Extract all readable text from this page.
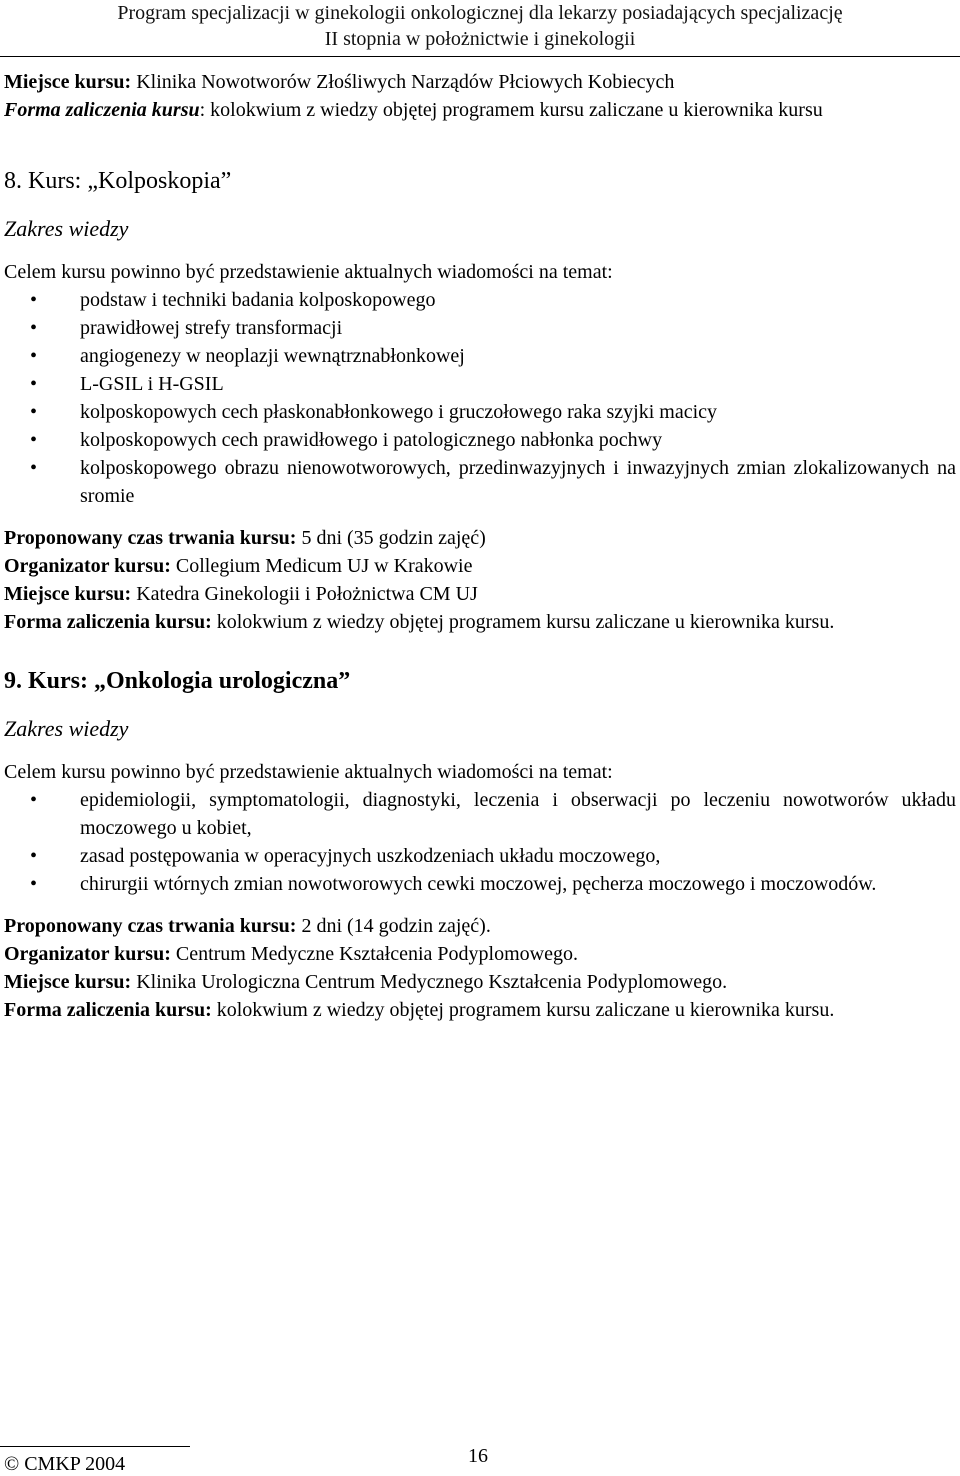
Program specjalizacji w ginekologii onkologicznej dla lekarzy posiadających specjalizację
II stopnia w położnictwie i ginekologii

Miejsce kursu: Klinika Nowotworów Złośliwych Narządów Płciowych Kobiecych

Forma zaliczenia kursu: kolokwium z wiedzy objętej programem kursu zaliczane u kierownika kursu

8. Kurs: „Kolposkopia”

Zakres wiedzy

Celem kursu powinno być przedstawienie aktualnych wiadomości na temat:

• podstaw i techniki badania kolposkopowego
• prawidłowej strefy transformacji
• angiogenezy w neoplazji wewnątrznabłonkowej
• L-GSIL i H-GSIL
• kolposkopowych cech płaskonabłonkowego i gruczołowego raka szyjki macicy
• kolposkopowych cech prawidłowego i patologicznego nabłonka pochwy
• kolposkopowego obrazu nienowotworowych, przedinwazyjnych i inwazyjnych zmian zlokalizowanych na sromie

Proponowany czas trwania kursu: 5 dni (35 godzin zajęć)

Organizator kursu: Collegium Medicum UJ w Krakowie

Miejsce kursu: Katedra Ginekologii i Położnictwa CM UJ

Forma zaliczenia kursu: kolokwium z wiedzy objętej programem kursu zaliczane u kierownika kursu.

9. Kurs: „Onkologia urologiczna”

Zakres wiedzy

Celem kursu powinno być przedstawienie aktualnych wiadomości na temat:

• epidemiologii, symptomatologii, diagnostyki, leczenia i obserwacji po leczeniu nowotworów układu moczowego u kobiet,
• zasad postępowania w operacyjnych uszkodzeniach układu moczowego,
• chirurgii wtórnych zmian nowotworowych cewki moczowej, pęcherza moczowego i moczowodów.

Proponowany czas trwania kursu: 2 dni (14 godzin zajęć).

Organizator kursu: Centrum Medyczne Kształcenia Podyplomowego.

Miejsce kursu: Klinika Urologiczna Centrum Medycznego Kształcenia Podyplomowego.

Forma zaliczenia kursu: kolokwium z wiedzy objętej programem kursu zaliczane u kierownika kursu.

© CMKP 2004	16
